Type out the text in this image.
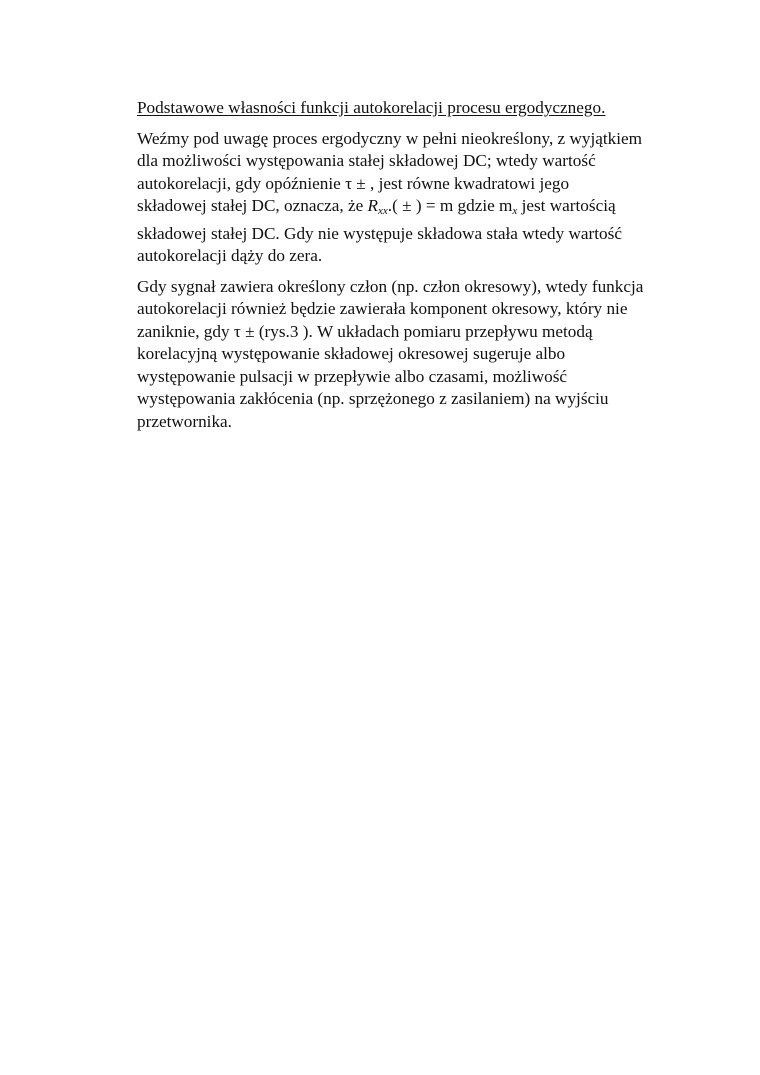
Podstawowe własności funkcji autokorelacji procesu ergodycznego.
Weźmy pod uwagę proces ergodyczny w pełni nieokreślony, z wyjątkiem
dla możliwości występowania stałej składowej DC; wtedy wartość
autokorelacji, gdy opóźnienie τ ± , jest równe kwadratowi jego
składowej stałej DC, oznacza, że $R_{xx}$.( ± ) = m gdzie $m_x$ jest wartością
składowej stałej DC. Gdy nie występuje składowa stała wtedy wartość
autokorelacji dąży do zera.
Gdy sygnał zawiera określony człon (np. człon okresowy), wtedy funkcja
autokorelacji również będzie zawierała komponent okresowy, który nie
zaniknie, gdy τ ± (rys.3 ). W układach pomiaru przepływu metodą
korelacyjną występowanie składowej okresowej sugeruje albo
występowanie pulsacji w przepływie albo czasami, możliwość
występowania zakłócenia (np. sprzężonego z zasilaniem) na wyjściu
przetwornika.
